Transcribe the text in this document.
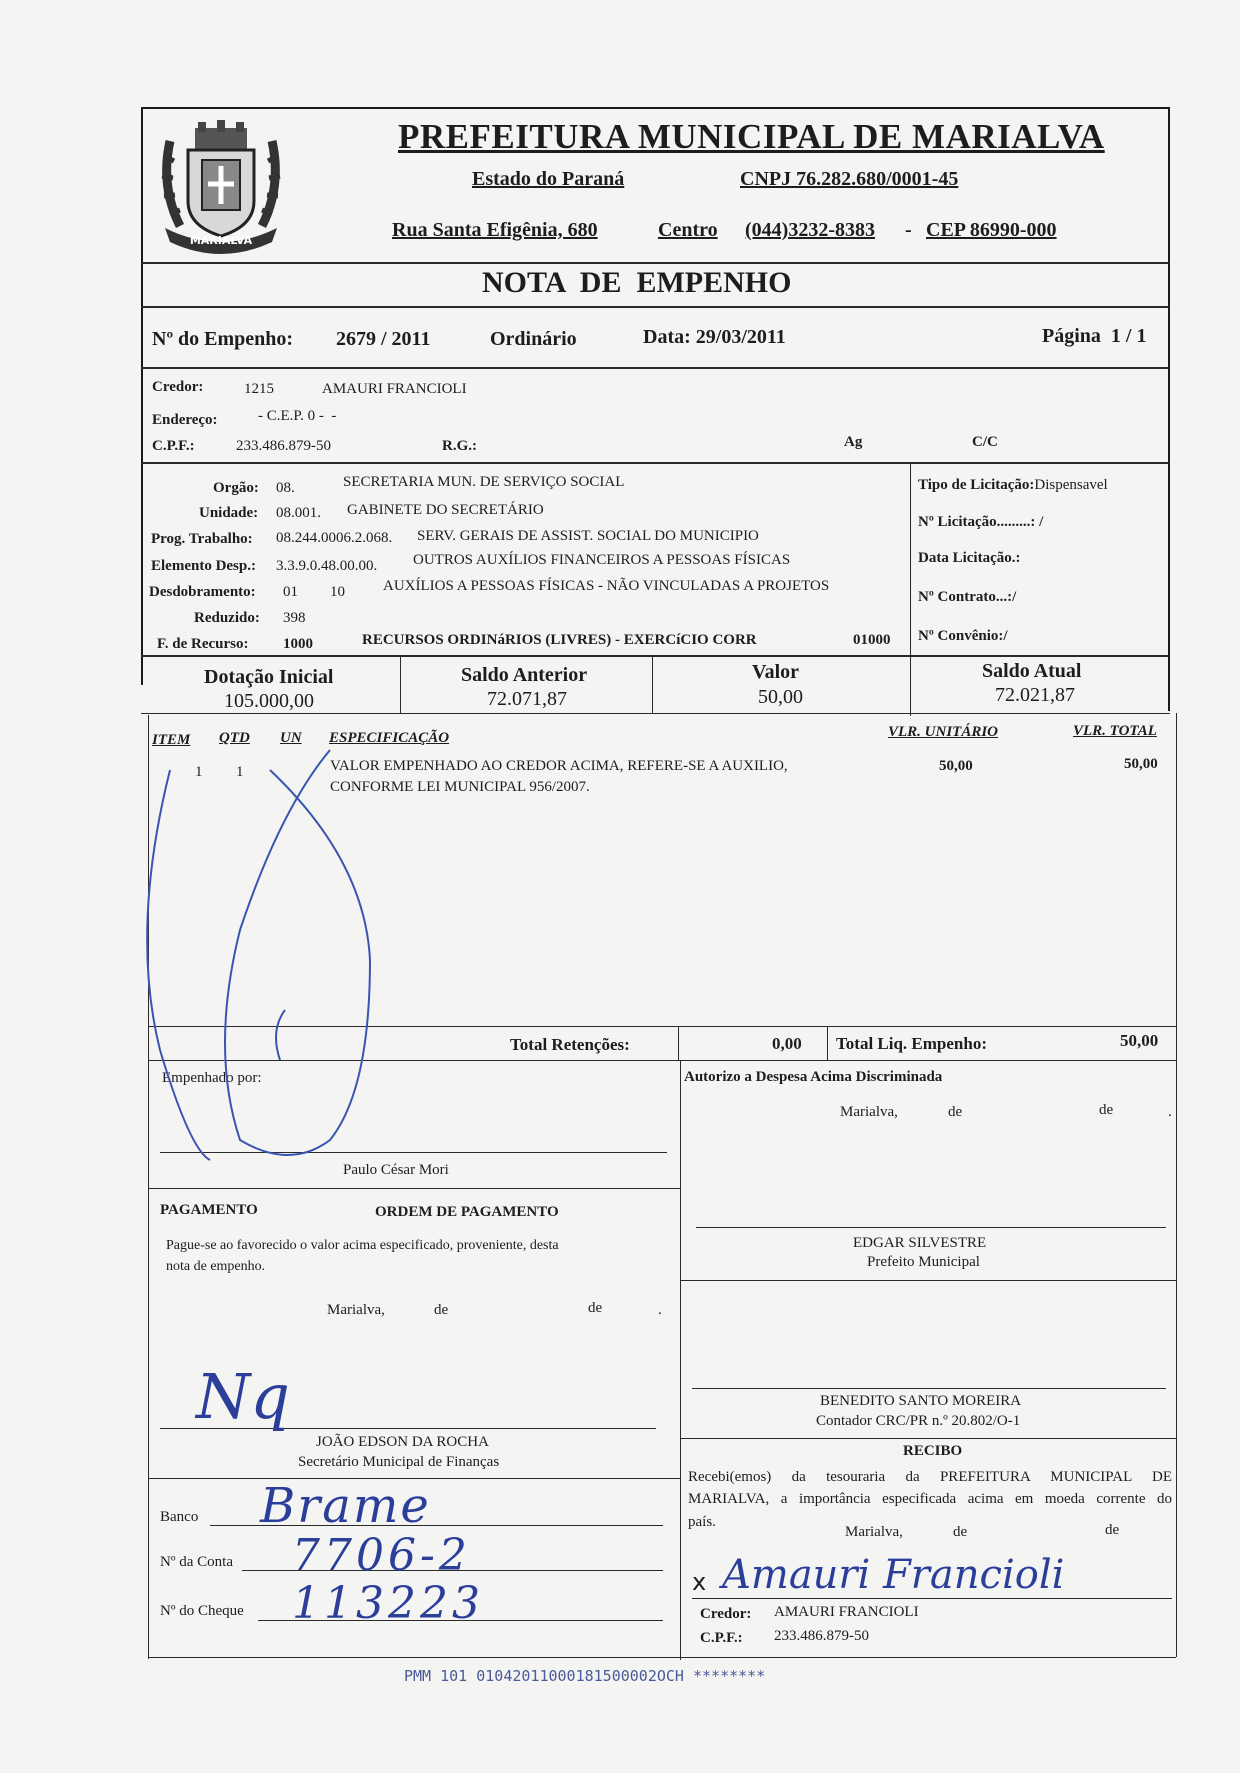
MARIALVA
PREFEITURA MUNICIPAL DE MARIALVA
Estado do Paraná	CNPJ 76.282.680/0001-45
Rua Santa Efigênia, 680	Centro (044)3232-8383 - CEP 86990-000
NOTA  DE  EMPENHO
Nº do Empenho: 2679 / 2011	Ordinário	Data: 29/03/2011	Página  1 / 1
Credor:	1215	AMAURI FRANCIOLI
Endereço:	- C.E.P. 0 -  -
C.P.F.:	233.486.879-50	R.G.:	Ag	C/C
Orgão: 08.	SECRETARIA MUN. DE SERVIÇO SOCIAL
Unidade: 08.001. GABINETE DO SECRETÁRIO
Prog. Trabalho: 08.244.0006.2.068. SERV. GERAIS DE ASSIST. SOCIAL DO MUNICIPIO
Elemento Desp.: 3.3.9.0.48.00.00. OUTROS AUXÍLIOS FINANCEIROS A PESSOAS FÍSICAS
Desdobramento: 01 10	AUXÍLIOS A PESSOAS FÍSICAS - NÃO VINCULADAS A PROJETOS
Reduzido: 398
F. de Recurso: 1000	RECURSOS ORDINáRIOS (LIVRES) - EXERCíCIO CORR	01000
Tipo de Licitação:Dispensavel
Nº Licitação.........: /
Data Licitação.:
Nº Contrato...:/
Nº Convênio:/
Dotação Inicial
105.000,00
Saldo Anterior
72.071,87
Valor
50,00
Saldo Atual
72.021,87
ITEM QTD UN ESPECIFICAÇÃO	VLR. UNITÁRIO	VLR. TOTAL
1 1	VALOR EMPENHADO AO CREDOR ACIMA, REFERE-SE A AUXILIO,
CONFORME LEI MUNICIPAL 956/2007.
50,00	50,00
Total Retenções:	0,00 Total Liq. Empenho:	50,00
Empenhado por:
Paulo César Mori
PAGAMENTO	ORDEM DE PAGAMENTO
Pague-se ao favorecido o valor acima especificado, proveniente, desta
nota de empenho.
Marialva,	de	de	.
JOÃO EDSON DA ROCHA
Secretário Municipal de Finanças
Banco
Nº da Conta
Nº do Cheque
Brame
7706-2
113223
Nq
Autorizo a Despesa Acima Discriminada
Marialva,	de	de	.
EDGAR SILVESTRE
Prefeito Municipal
BENEDITO SANTO MOREIRA
Contador CRC/PR n.º 20.802/O-1
RECIBO
Recebi(emos) da tesouraria da PREFEITURA MUNICIPAL DE
MARIALVA, a importância especificada acima em moeda corrente do
país.
Marialva,	de	de
x Amauri Francioli
Credor: AMAURI FRANCIOLI
C.P.F.: 233.486.879-50
PMM 101 01042011000181500002OCH ********
